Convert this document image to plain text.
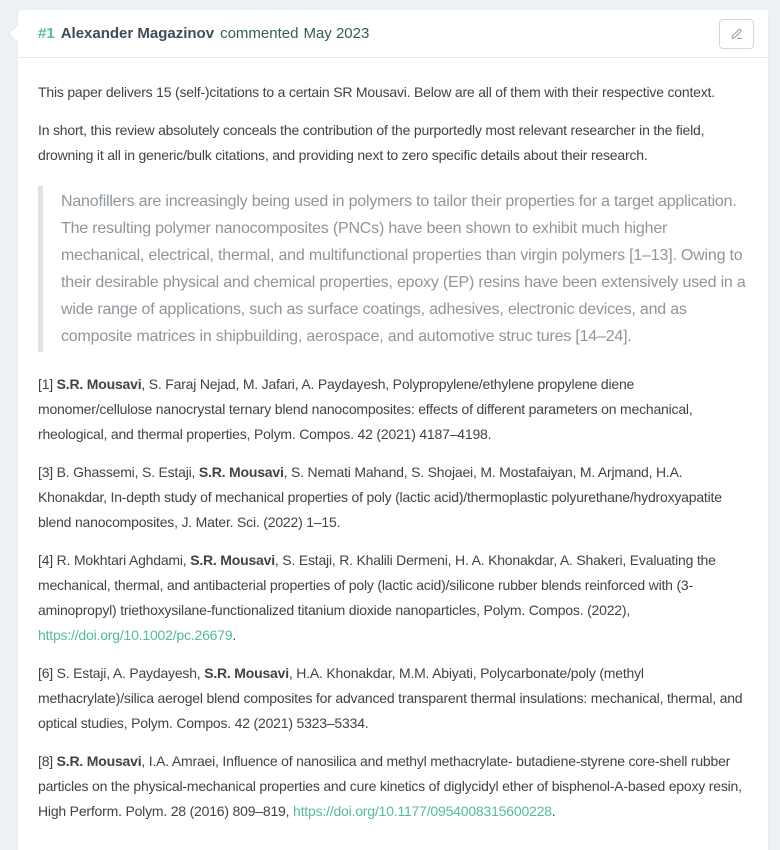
#1 Alexander Magazinov commented May 2023

This paper delivers 15 (self-)citations to a certain SR Mousavi. Below are all of them with their respective context.

In short, this review absolutely conceals the contribution of the purportedly most relevant researcher in the field, drowning it all in generic/bulk citations, and providing next to zero specific details about their research.

Nanofillers are increasingly being used in polymers to tailor their properties for a target application. The resulting polymer nanocomposites (PNCs) have been shown to exhibit much higher mechanical, electrical, thermal, and multifunctional properties than virgin polymers [1–13]. Owing to their desirable physical and chemical properties, epoxy (EP) resins have been extensively used in a wide range of applications, such as surface coatings, adhesives, electronic devices, and as composite matrices in shipbuilding, aerospace, and automotive struc tures [14–24].

[1] S.R. Mousavi, S. Faraj Nejad, M. Jafari, A. Paydayesh, Polypropylene/ethylene propylene diene monomer/cellulose nanocrystal ternary blend nanocomposites: effects of different parameters on mechanical, rheological, and thermal properties, Polym. Compos. 42 (2021) 4187–4198.

[3] B. Ghassemi, S. Estaji, S.R. Mousavi, S. Nemati Mahand, S. Shojaei, M. Mostafaiyan, M. Arjmand, H.A. Khonakdar, In-depth study of mechanical properties of poly (lactic acid)/thermoplastic polyurethane/hydroxyapatite blend nanocomposites, J. Mater. Sci. (2022) 1–15.

[4] R. Mokhtari Aghdami, S.R. Mousavi, S. Estaji, R. Khalili Dermeni, H. A. Khonakdar, A. Shakeri, Evaluating the mechanical, thermal, and antibacterial properties of poly (lactic acid)/silicone rubber blends reinforced with (3-aminopropyl) triethoxysilane-functionalized titanium dioxide nanoparticles, Polym. Compos. (2022), https://doi.org/10.1002/pc.26679.

[6] S. Estaji, A. Paydayesh, S.R. Mousavi, H.A. Khonakdar, M.M. Abiyati, Polycarbonate/poly (methyl methacrylate)/silica aerogel blend composites for advanced transparent thermal insulations: mechanical, thermal, and optical studies, Polym. Compos. 42 (2021) 5323–5334.

[8] S.R. Mousavi, I.A. Amraei, Influence of nanosilica and methyl methacrylate- butadiene-styrene core-shell rubber particles on the physical-mechanical properties and cure kinetics of diglycidyl ether of bisphenol-A-based epoxy resin, High Perform. Polym. 28 (2016) 809–819, https://doi.org/10.1177/0954008315600228.
